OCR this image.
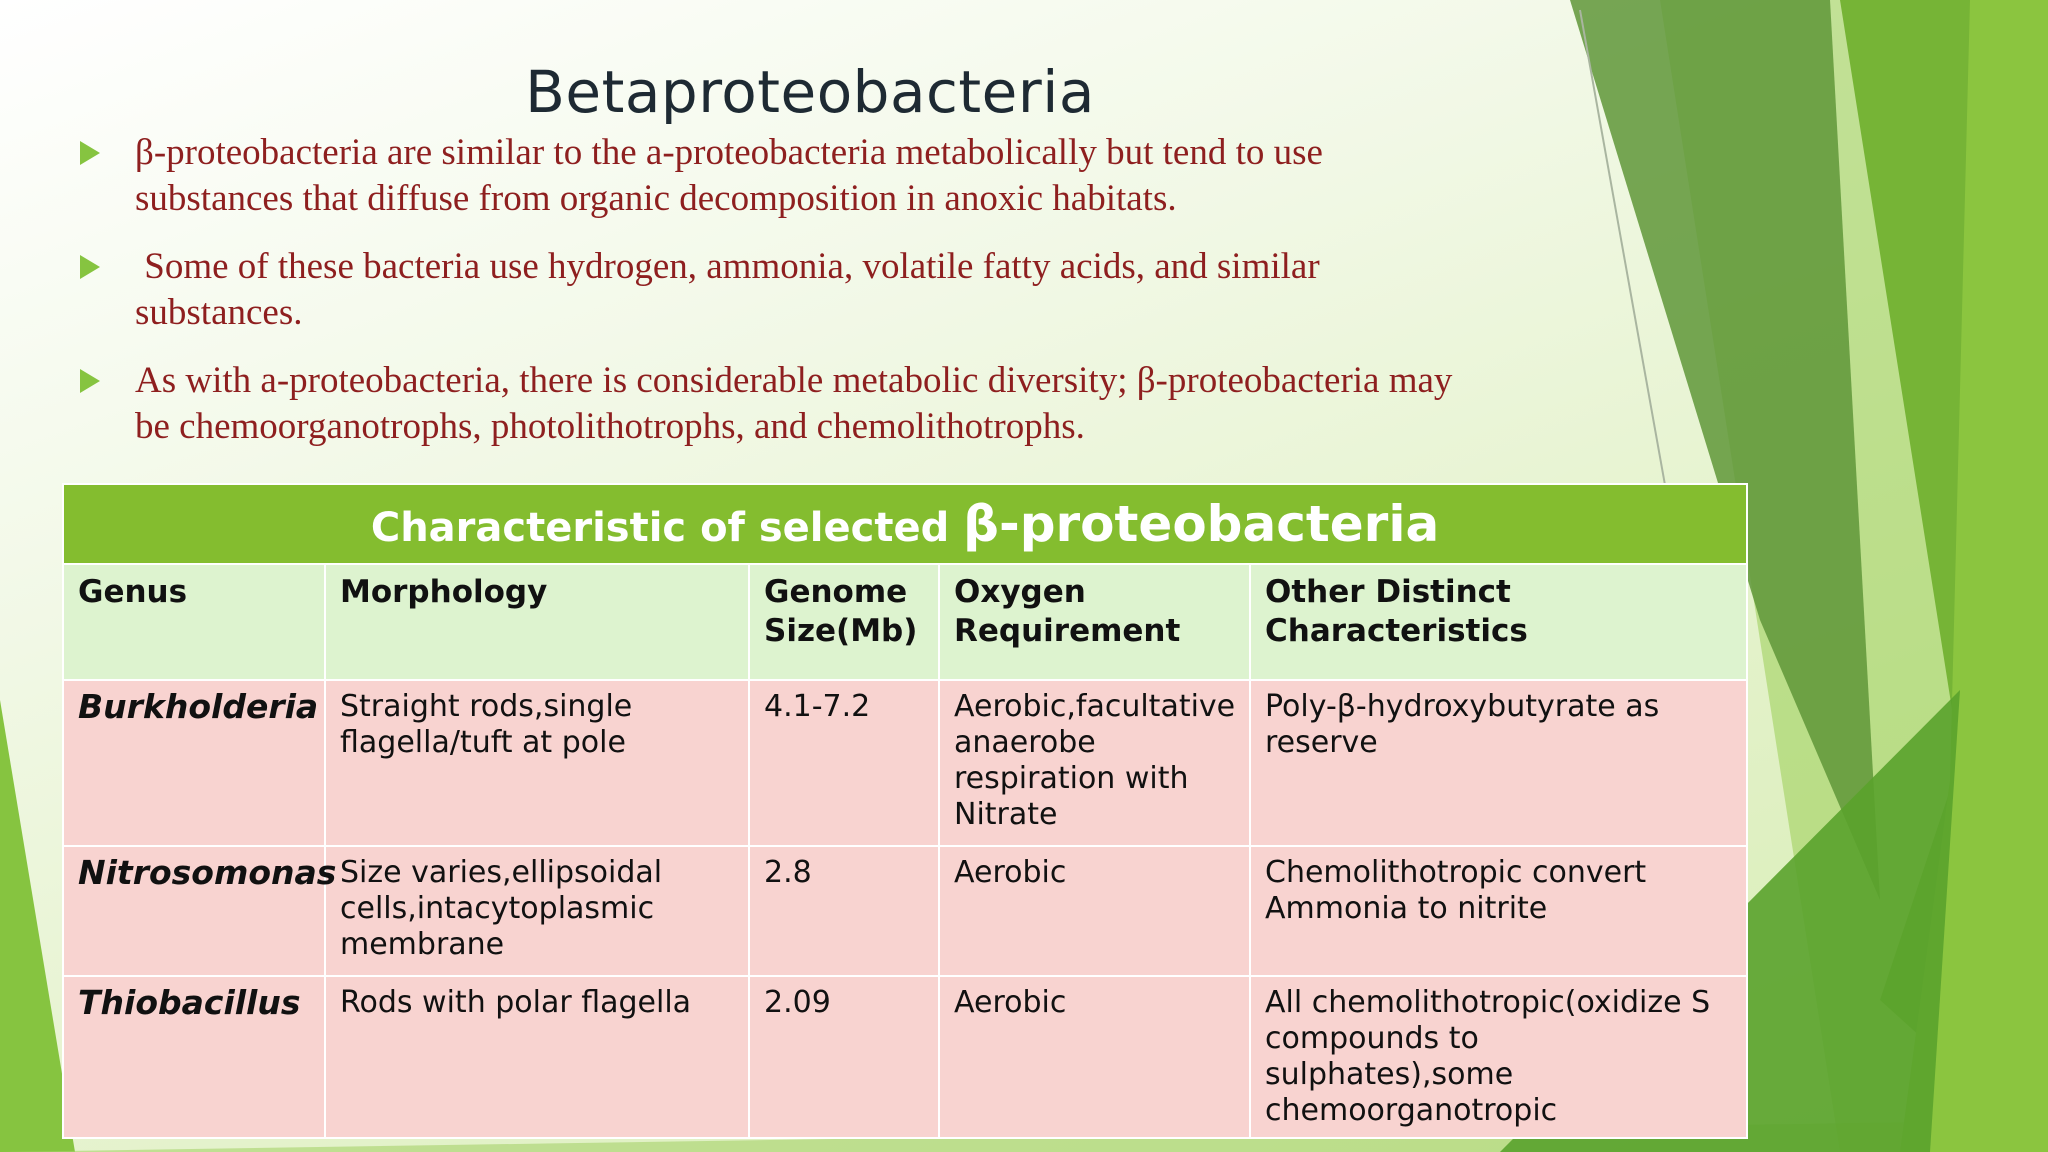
Betaproteobacteria
β-proteobacteria are similar to the a-proteobacteria metabolically but tend to use substances that diffuse from organic decomposition in anoxic habitats.
Some of these bacteria use hydrogen, ammonia, volatile fatty acids, and similar substances.
As with a-proteobacteria, there is considerable metabolic diversity; β-proteobacteria may be chemoorganotrophs, photolithotrophs, and chemolithotrophs.
Characteristic of selected β-proteobacteria				
Genus	Morphology	Genome Size(Mb)	Oxygen Requirement	Other Distinct Characteristics
Burkholderia	Straight rods,single flagella/tuft at pole	4.1-7.2	Aerobic,facultative anaerobe respiration with Nitrate	Poly-β-hydroxybutyrate as reserve
Nitrosomonas	Size varies,ellipsoidal cells,intacytoplasmic membrane	2.8	Aerobic	Chemolithotropic convert Ammonia to nitrite
Thiobacillus	Rods with polar flagella	2.09	Aerobic	All chemolithotropic(oxidize S compounds to sulphates),some chemoorganotropic
